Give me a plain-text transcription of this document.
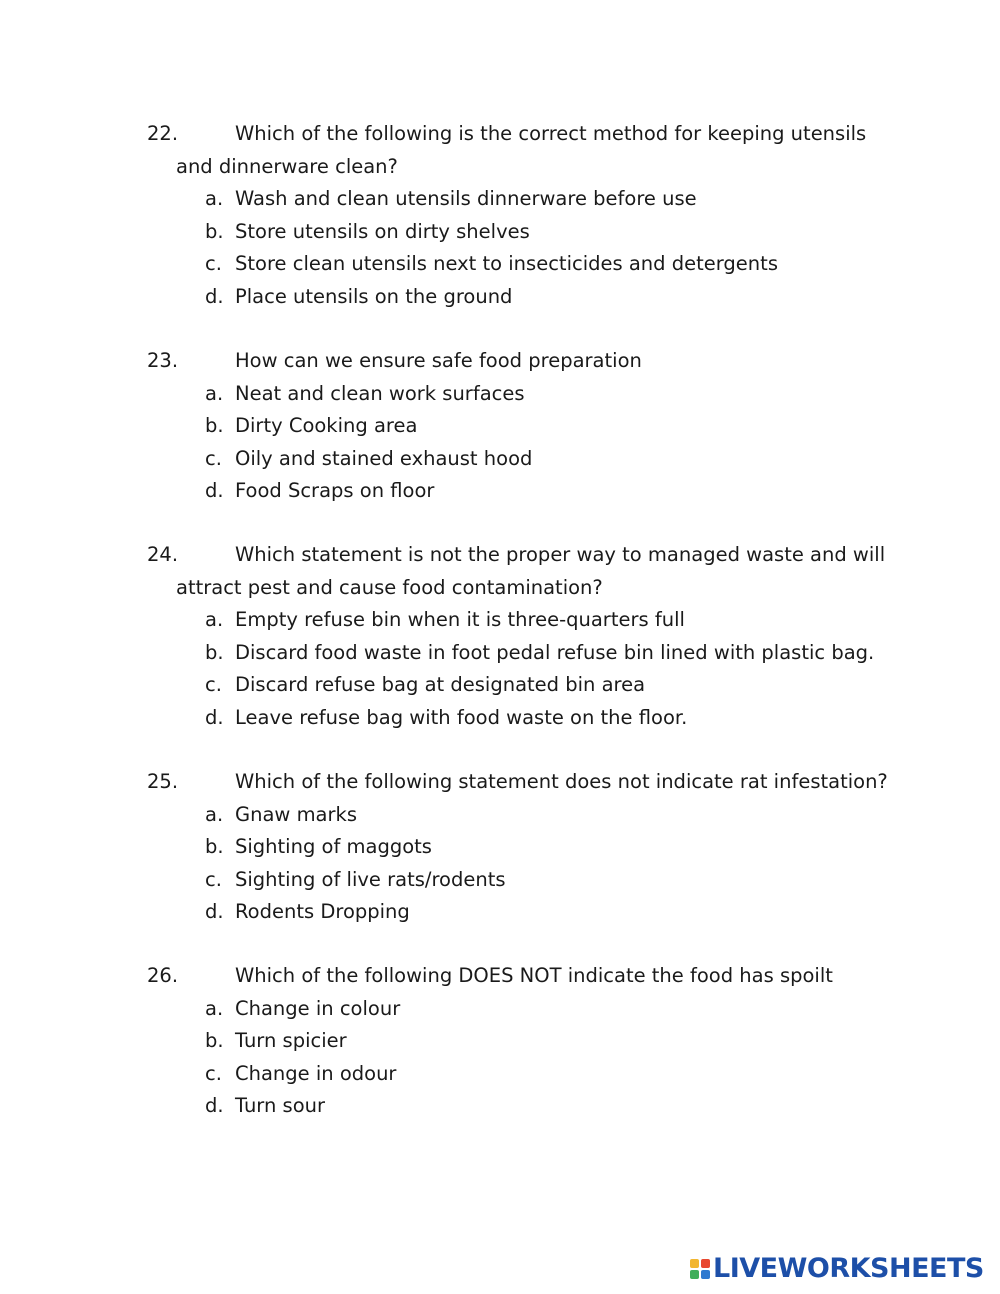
22.	Which of the following is the correct method for keeping utensils
and dinnerware clean?
a. Wash and clean utensils dinnerware before use
b. Store utensils on dirty shelves
c. Store clean utensils next to insecticides and detergents
d. Place utensils on the ground
23.	How can we ensure safe food preparation
a. Neat and clean work surfaces
b. Dirty Cooking area
c. Oily and stained exhaust hood
d. Food Scraps on floor
24.	Which statement is not the proper way to managed waste and will
attract pest and cause food contamination?
a. Empty refuse bin when it is three-quarters full
b. Discard food waste in foot pedal refuse bin lined with plastic bag.
c. Discard refuse bag at designated bin area
d. Leave refuse bag with food waste on the floor.
25.	Which of the following statement does not indicate rat infestation?
a. Gnaw marks
b. Sighting of maggots
c. Sighting of live rats/rodents
d. Rodents Dropping
26.	Which of the following DOES NOT indicate the food has spoilt
a. Change in colour
b. Turn spicier
c. Change in odour
d. Turn sour
LIVEWORKSHEETS
